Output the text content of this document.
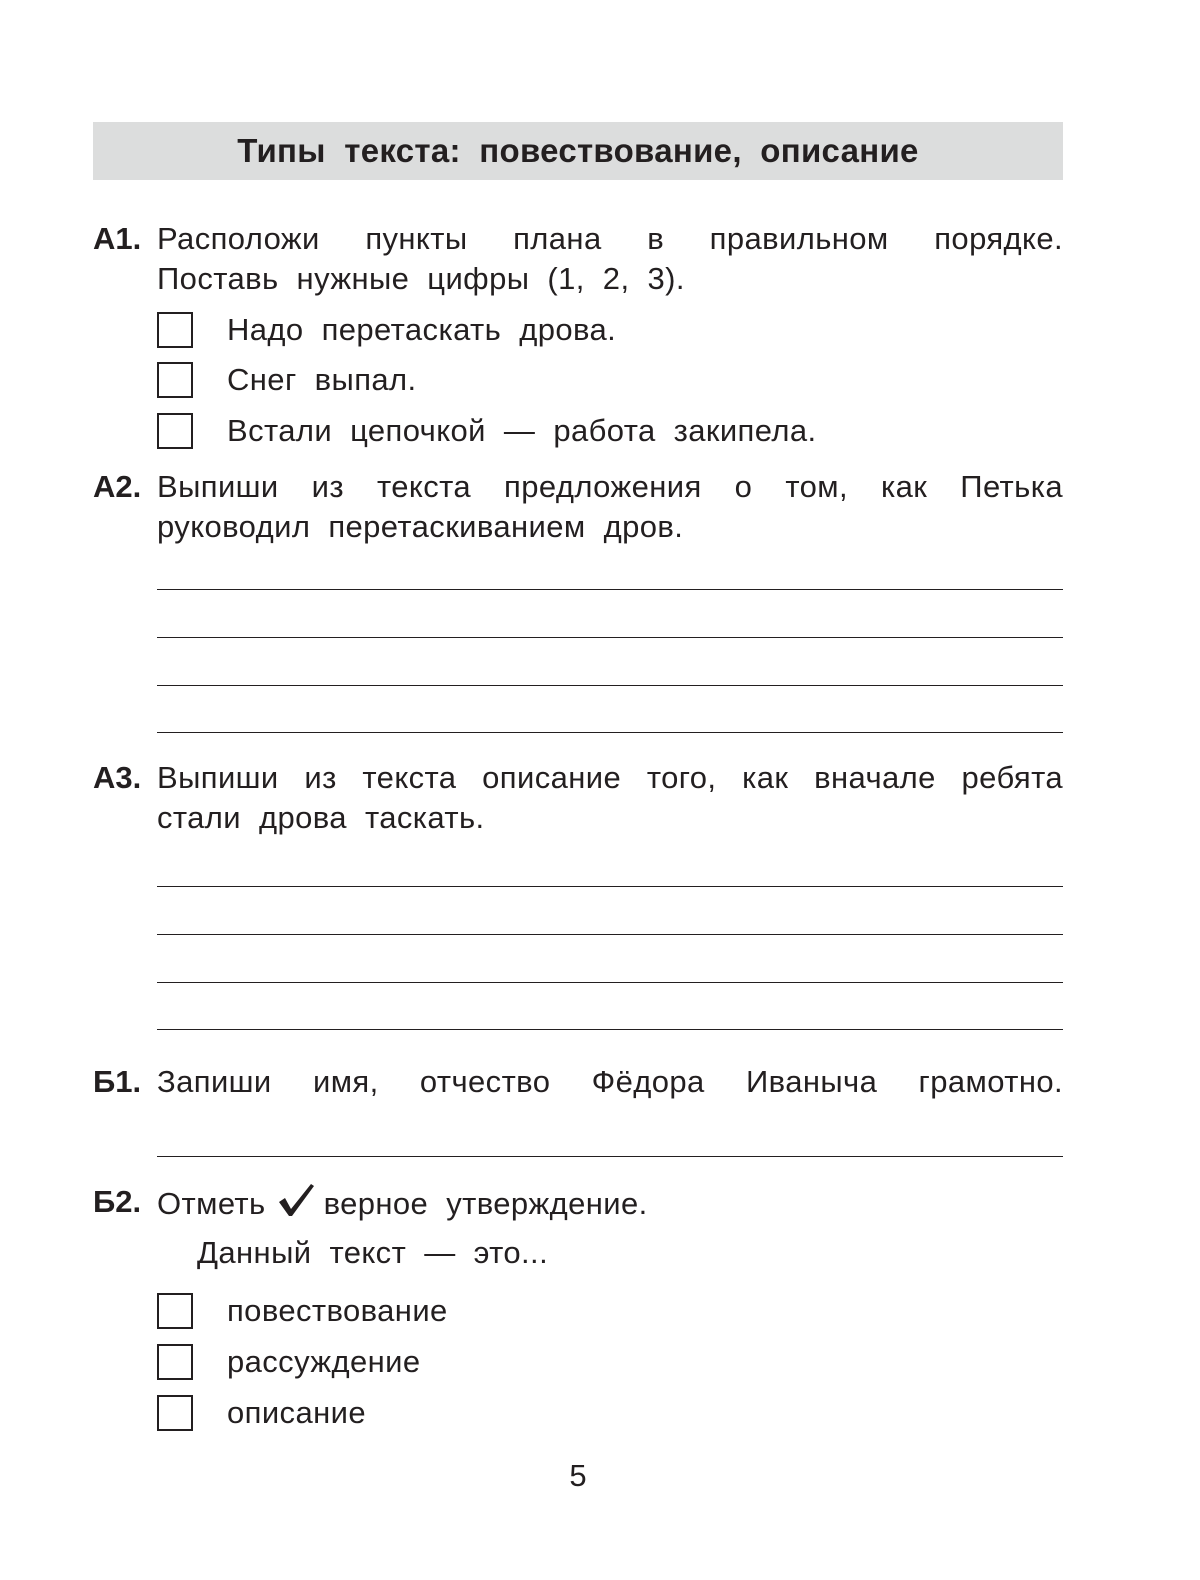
Типы текста: повествование, описание
А1. Расположи пункты плана в правильном порядке. Поставь нужные цифры (1, 2, 3).
Надо перетаскать дрова.
Снег выпал.
Встали цепочкой — работа закипела.
А2. Выпиши из текста предложения о том, как Петька руководил перетаскиванием дров.
А3. Выпиши из текста описание того, как вначале ребята стали дрова таскать.
Б1. Запиши имя, отчество Фёдора Иваныча грамотно.
Б2. Отметь верное утверждение.
Данный текст — это...
повествование
рассуждение
описание
5
